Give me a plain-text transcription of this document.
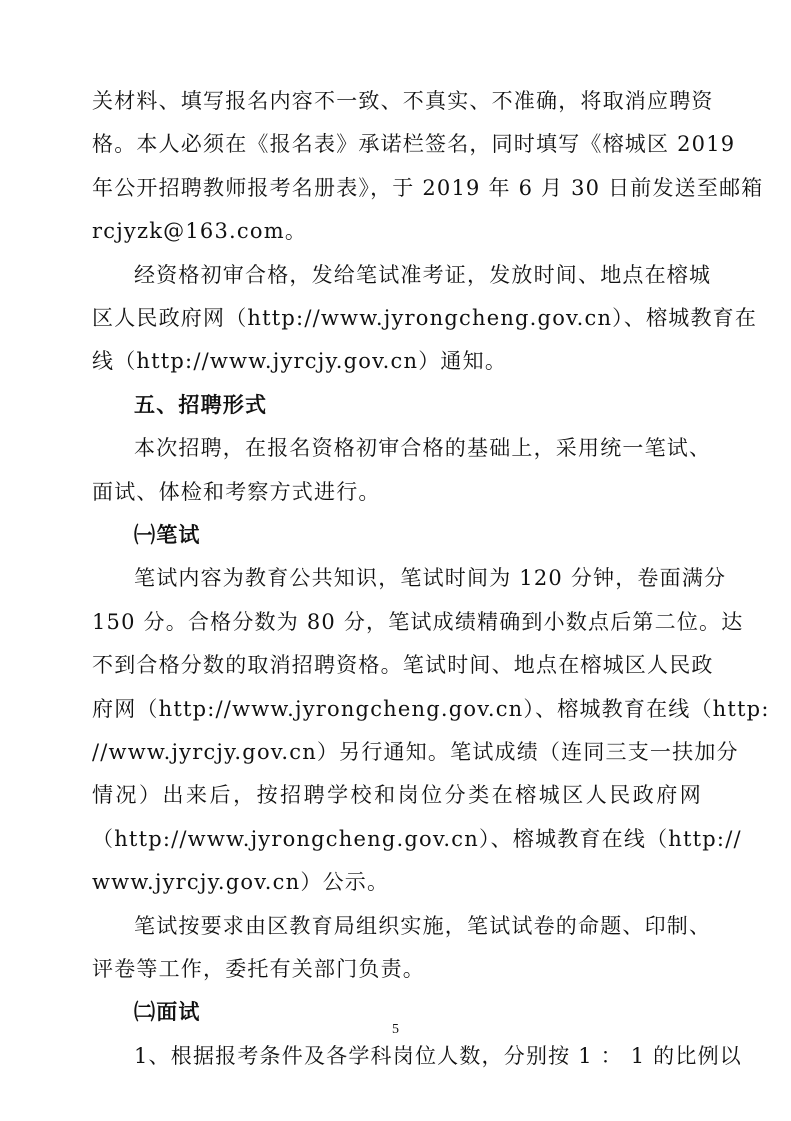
关材料、填写报名内容不一致、不真实、不准确，将取消应聘资
格。本人必须在《报名表》承诺栏签名，同时填写《榕城区 2019
年公开招聘教师报考名册表》，于 2019 年 6 月 30 日前发送至邮箱
rcjyzk@163.com。
经资格初审合格，发给笔试准考证，发放时间、地点在榕城
区人民政府网（http://www.jyrongcheng.gov.cn）、榕城教育在
线（http://www.jyrcjy.gov.cn）通知。
五、招聘形式
本次招聘，在报名资格初审合格的基础上，采用统一笔试、
面试、体检和考察方式进行。
㈠笔试
笔试内容为教育公共知识，笔试时间为 120 分钟，卷面满分
150 分。合格分数为 80 分，笔试成绩精确到小数点后第二位。达
不到合格分数的取消招聘资格。笔试时间、地点在榕城区人民政
府网（http://www.jyrongcheng.gov.cn）、榕城教育在线（http:
//www.jyrcjy.gov.cn）另行通知。笔试成绩（连同三支一扶加分
情况）出来后，按招聘学校和岗位分类在榕城区人民政府网
（http://www.jyrongcheng.gov.cn）、榕城教育在线（http://
www.jyrcjy.gov.cn）公示。
笔试按要求由区教育局组织实施，笔试试卷的命题、印制、
评卷等工作，委托有关部门负责。
㈡面试
1、根据报考条件及各学科岗位人数，分别按 1 ： 1 的比例以
5
